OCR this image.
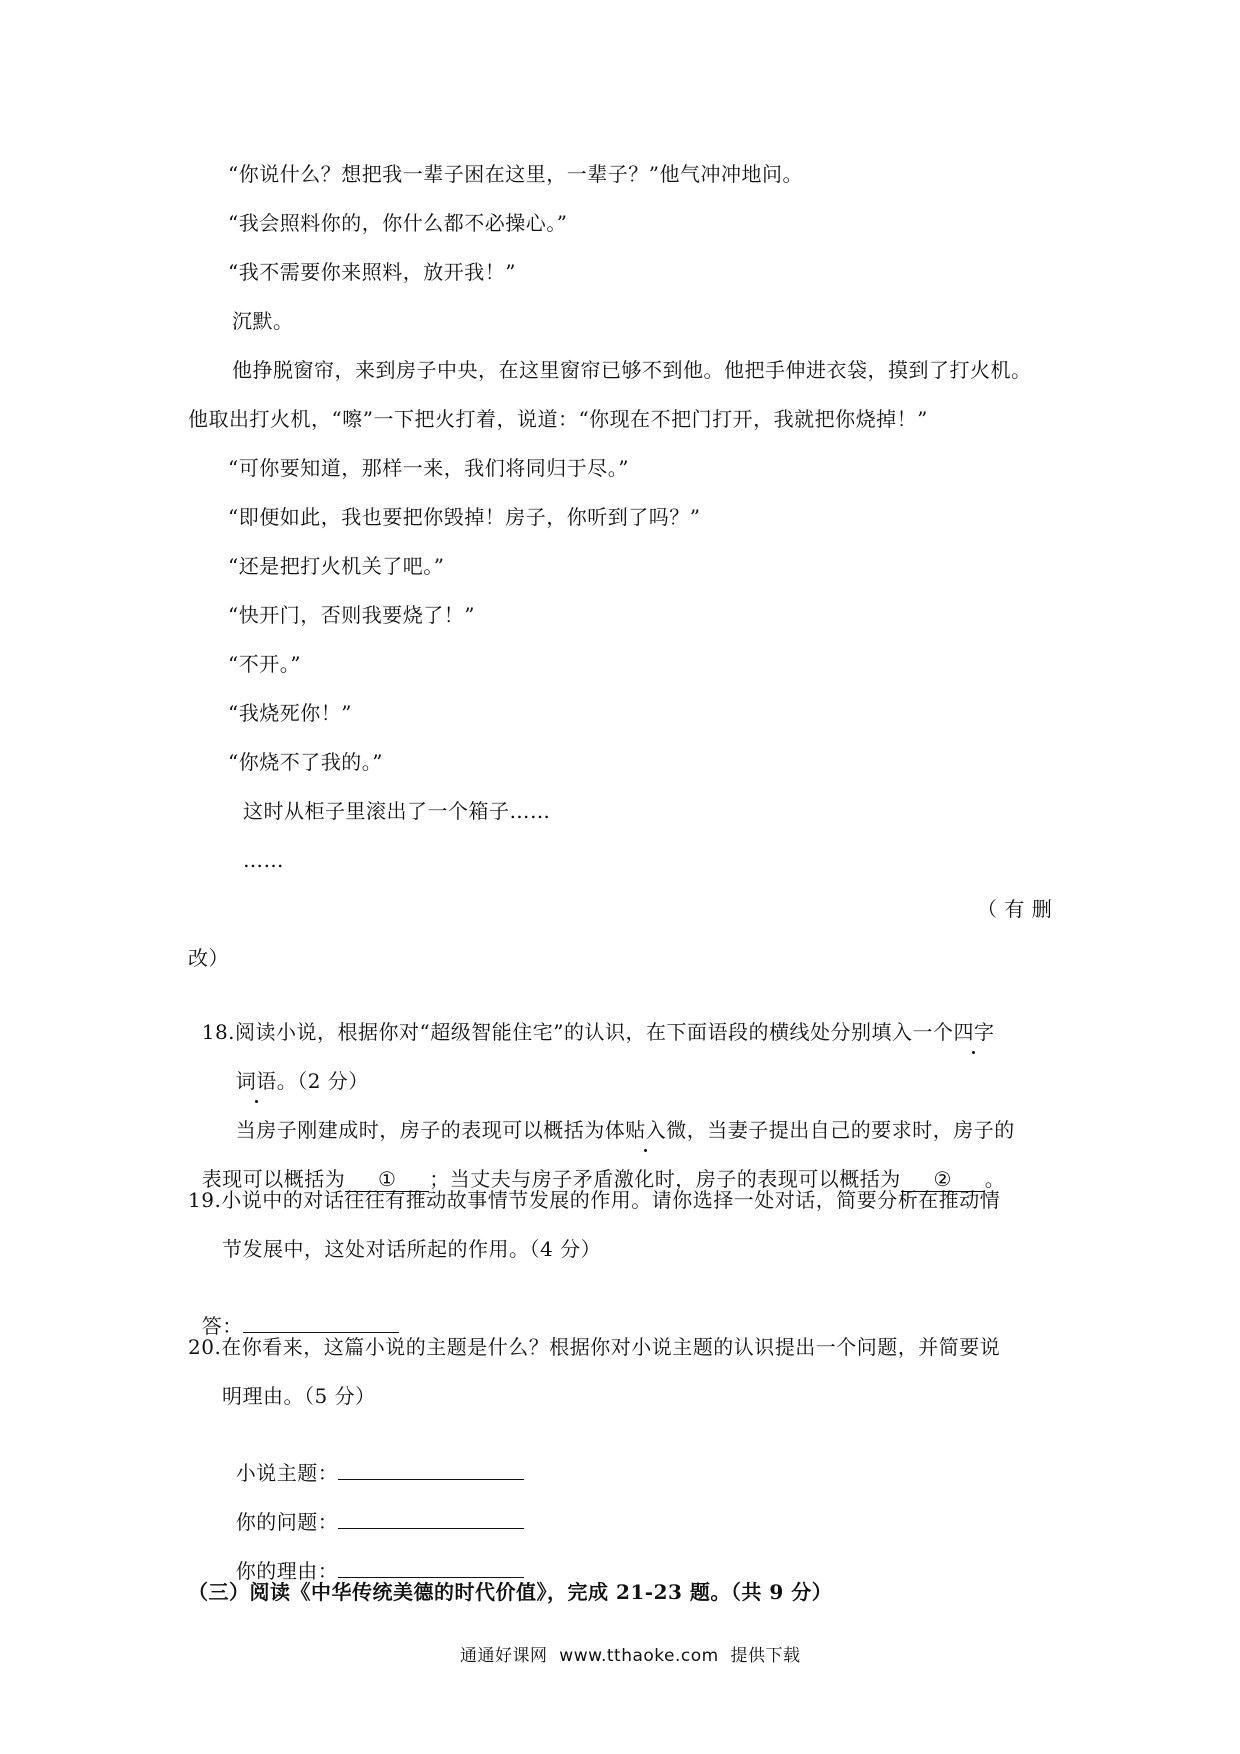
“你说什么？想把我一辈子困在这里，一辈子？”他气冲冲地问。
“我会照料你的，你什么都不必操心。”
“我不需要你来照料，放开我！”
沉默。
他挣脱窗帘，来到房子中央，在这里窗帘已够不到他。他把手伸进衣袋，摸到了打火机。
他取出打火机，“嚓”一下把火打着，说道：“你现在不把门打开，我就把你烧掉！”
“可你要知道，那样一来，我们将同归于尽。”
“即便如此，我也要把你毁掉！房子，你听到了吗？”
“还是把打火机关了吧。”
“快开门，否则我要烧了！”
“不开。”
“我烧死你！”
“你烧不了我的。”
这时从柜子里滚出了一个箱子……
……
（ 有 删
改）

18.阅读小说，根据你对“超级智能住宅”的认识，在下面语段的横线处分别填入一个四字

词语。（2 分）

当房子刚建成时，房子的表现可以概括为体贴入微，当妻子提出自己的要求时，房子的

表现可以概括为 ① ；当丈夫与房子矛盾激化时，房子的表现可以概括为 ② 。

19.小说中的对话往往有推动故事情节发展的作用。请你选择一处对话，简要分析在推动情
节发展中，这处对话所起的作用。（4 分）

答：

20.在你看来，这篇小说的主题是什么？根据你对小说主题的认识提出一个问题，并简要说
明理由。（5 分）

小说主题：

你的问题：

你的理由：

（三）阅读《中华传统美德的时代价值》，完成 21-23 题。（共 9 分）
通通好课网  www.tthaoke.com  提供下载
